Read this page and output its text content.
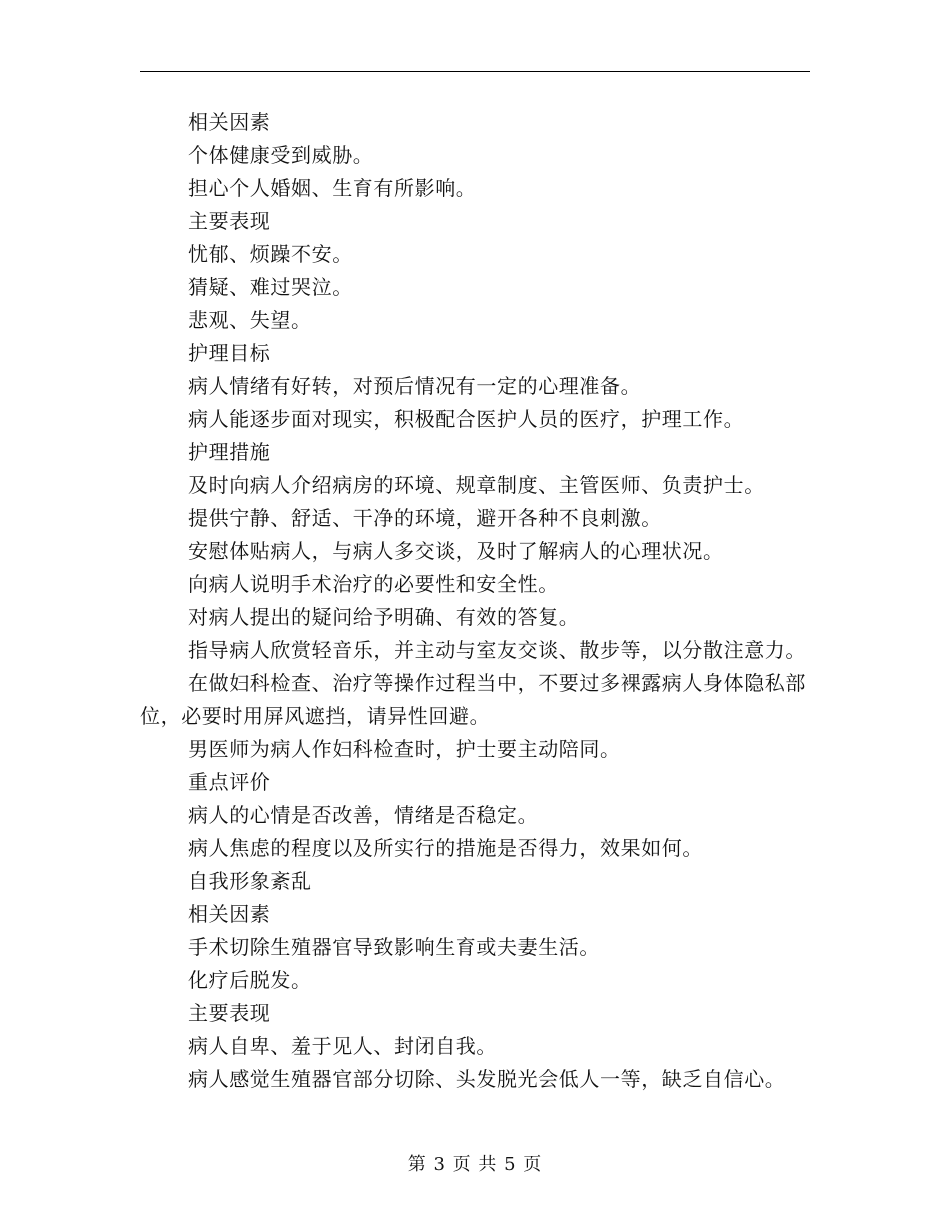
相关因素

个体健康受到威胁。

担心个人婚姻、生育有所影响。

主要表现

忧郁、烦躁不安。

猜疑、难过哭泣。

悲观、失望。

护理目标

病人情绪有好转，对预后情况有一定的心理准备。

病人能逐步面对现实，积极配合医护人员的医疗，护理工作。

护理措施

及时向病人介绍病房的环境、规章制度、主管医师、负责护士。

提供宁静、舒适、干净的环境，避开各种不良刺激。

安慰体贴病人，与病人多交谈，及时了解病人的心理状况。

向病人说明手术治疗的必要性和安全性。

对病人提出的疑问给予明确、有效的答复。

指导病人欣赏轻音乐，并主动与室友交谈、散步等，以分散注意力。

在做妇科检查、治疗等操作过程当中，不要过多裸露病人身体隐私部位，必要时用屏风遮挡，请异性回避。

男医师为病人作妇科检查时，护士要主动陪同。

重点评价

病人的心情是否改善，情绪是否稳定。

病人焦虑的程度以及所实行的措施是否得力，效果如何。

自我形象紊乱

相关因素

手术切除生殖器官导致影响生育或夫妻生活。

化疗后脱发。

主要表现

病人自卑、羞于见人、封闭自我。

病人感觉生殖器官部分切除、头发脱光会低人一等，缺乏自信心。

第 3 页 共 5 页
